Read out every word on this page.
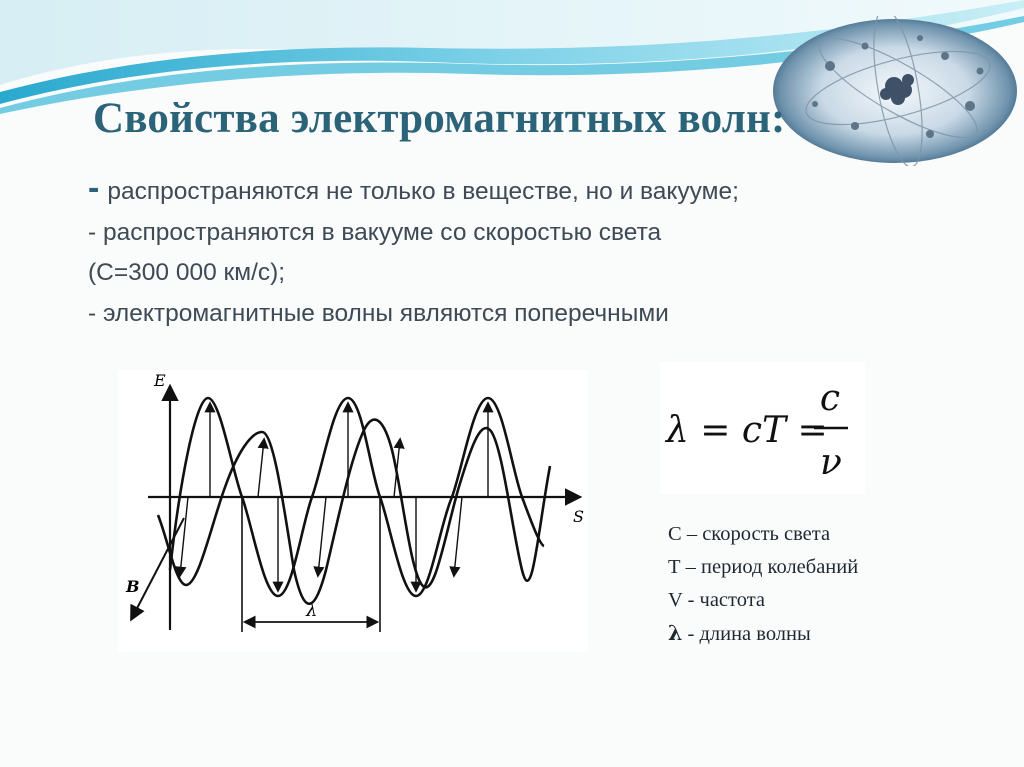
Свойства электромагнитных волн:
- распространяются не только в веществе, но и вакууме;
- распространяются в вакууме со скоростью света
(С=300 000 км/с);
- электромагнитные волны являются поперечными
E
S
B
λ
λ = cT =
c
ν
С – скорость света
Т – период колебаний
V - частота
λ - длина волны
